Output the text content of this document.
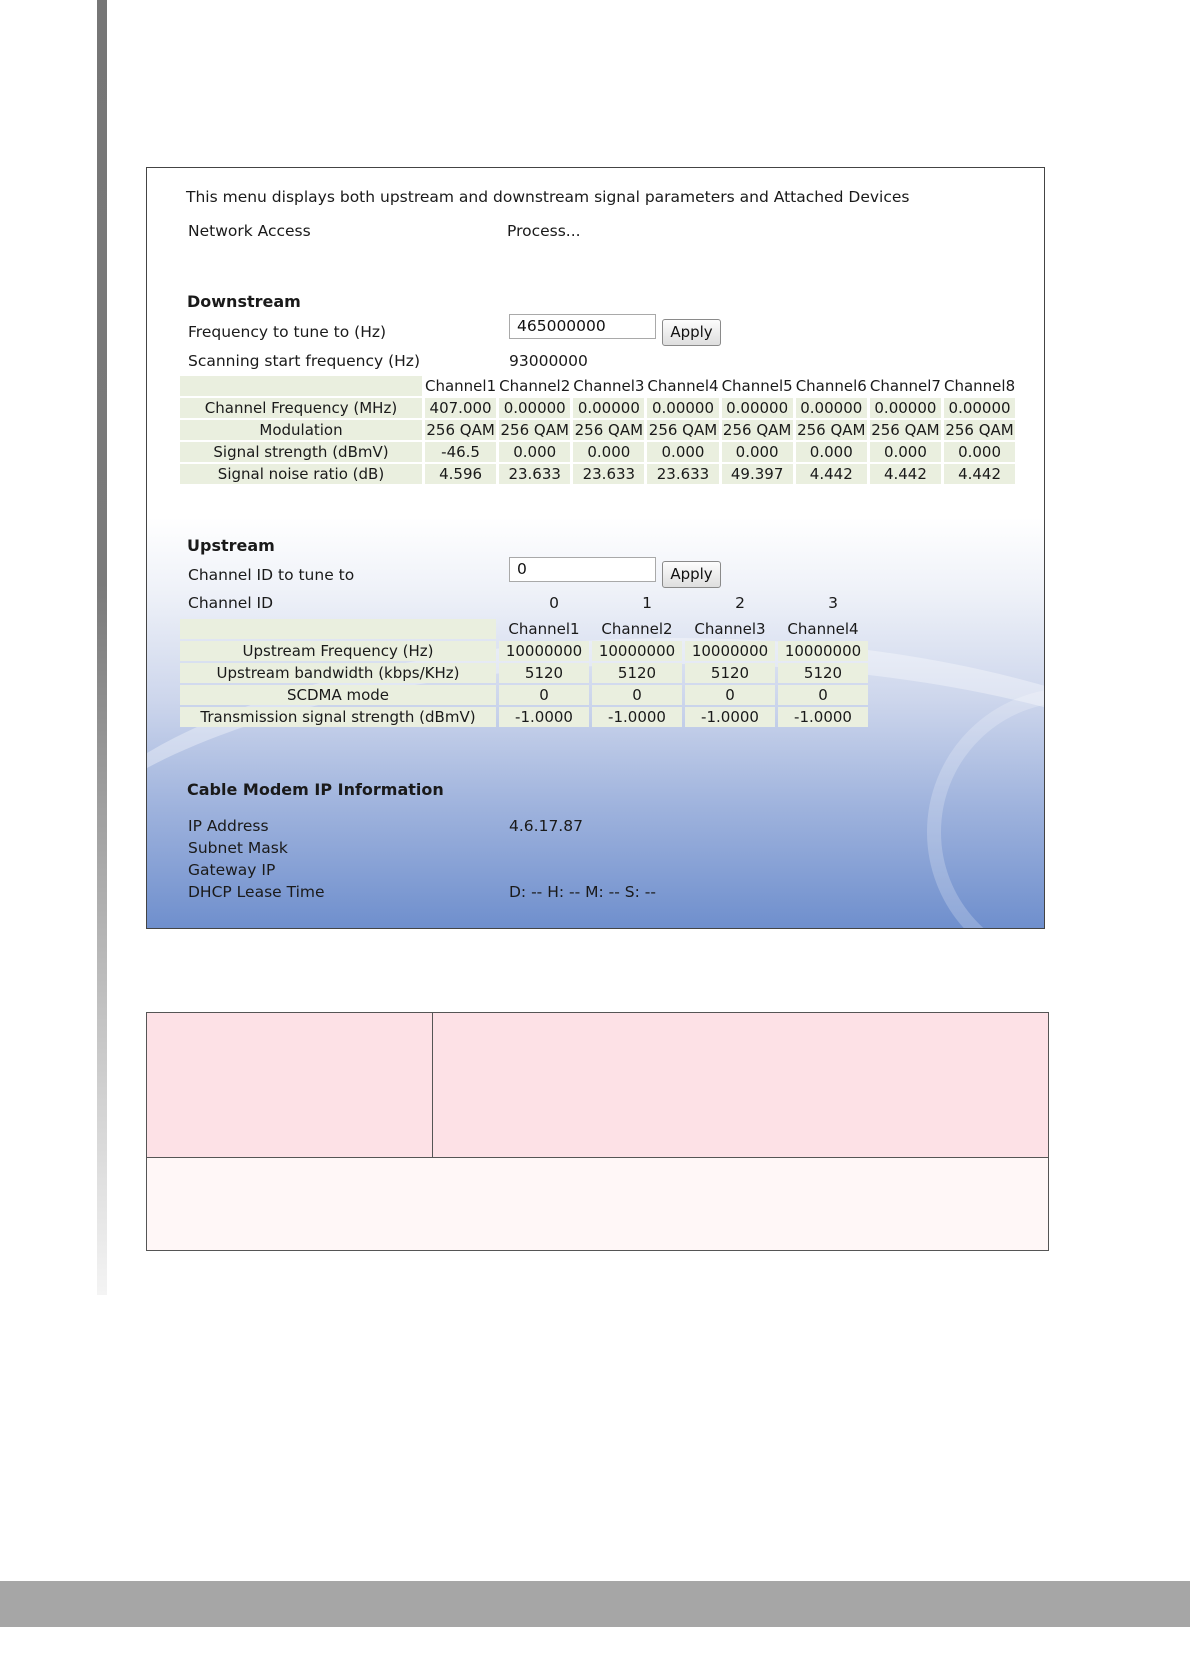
This menu displays both upstream and downstream signal parameters and Attached Devices
Network Access	Process...
Downstream
Frequency to tune to (Hz)	465000000	Apply
Scanning start frequency (Hz)	93000000
	Channel1	Channel2	Channel3	Channel4	Channel5	Channel6	Channel7	Channel8
Channel Frequency (MHz)	407.000	0.00000	0.00000	0.00000	0.00000	0.00000	0.00000	0.00000
Modulation	256 QAM	256 QAM	256 QAM	256 QAM	256 QAM	256 QAM	256 QAM	256 QAM
Signal strength (dBmV)	-46.5	0.000	0.000	0.000	0.000	0.000	0.000	0.000
Signal noise ratio (dB)	4.596	23.633	23.633	23.633	49.397	4.442	4.442	4.442
Upstream
Channel ID to tune to	0	Apply
Channel ID	0	1	2	3
	Channel1	Channel2	Channel3	Channel4
Upstream Frequency (Hz)	10000000	10000000	10000000	10000000
Upstream bandwidth (kbps/KHz)	5120	5120	5120	5120
SCDMA mode	0	0	0	0
Transmission signal strength (dBmV)	-1.0000	-1.0000	-1.0000	-1.0000
Cable Modem IP Information
IP Address	4.6.17.87
Subnet Mask
Gateway IP
DHCP Lease Time	D: -- H: -- M: -- S: --
